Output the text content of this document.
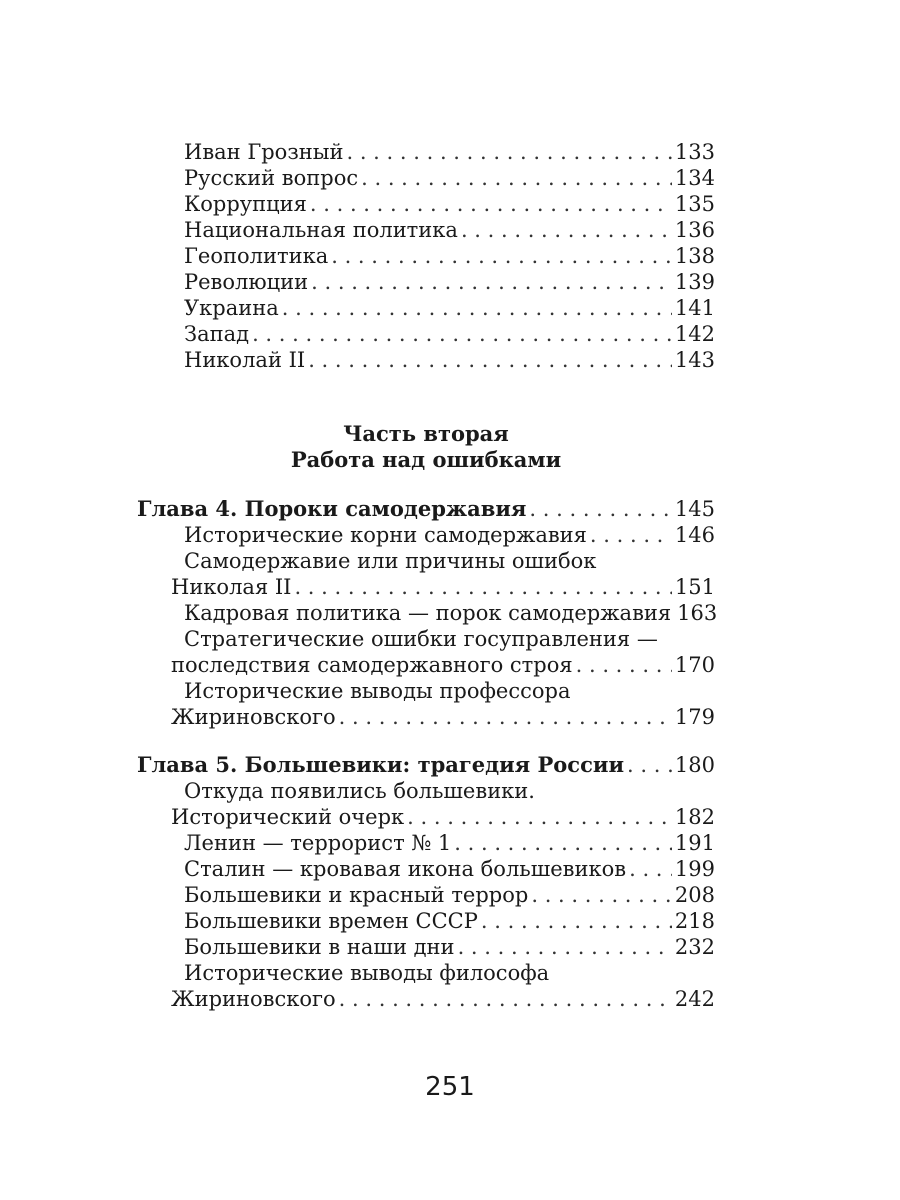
Иван Грозный . . .	133
Русский вопрос . . .	134
Коррупция . . .	135
Национальная политика . . .	136
Геополитика . . .	138
Революции . . .	139
Украина . . .	141
Запад . . .	142
Николай II . . .	143
Часть вторая
Работа над ошибками
Глава 4. Пороки самодержавия . . .	145
Исторические корни самодержавия . . .	146
Самодержавие или причины ошибок
Николая II . . .	151
Кадровая политика — порок самодержавия 163
Стратегические ошибки госуправления —
последствия самодержавного строя . . .	170
Исторические выводы профессора
Жириновского . . .	179
Глава 5. Большевики: трагедия России . . . 180
Откуда появились большевики.
Исторический очерк . . .	182
Ленин — террорист № 1 . . .	191
Сталин — кровавая икона большевиков . . . 199
Большевики и красный террор . . .	208
Большевики времен СССР . . .	218
Большевики в наши дни . . .	232
Исторические выводы философа
Жириновского . . .	242
251
